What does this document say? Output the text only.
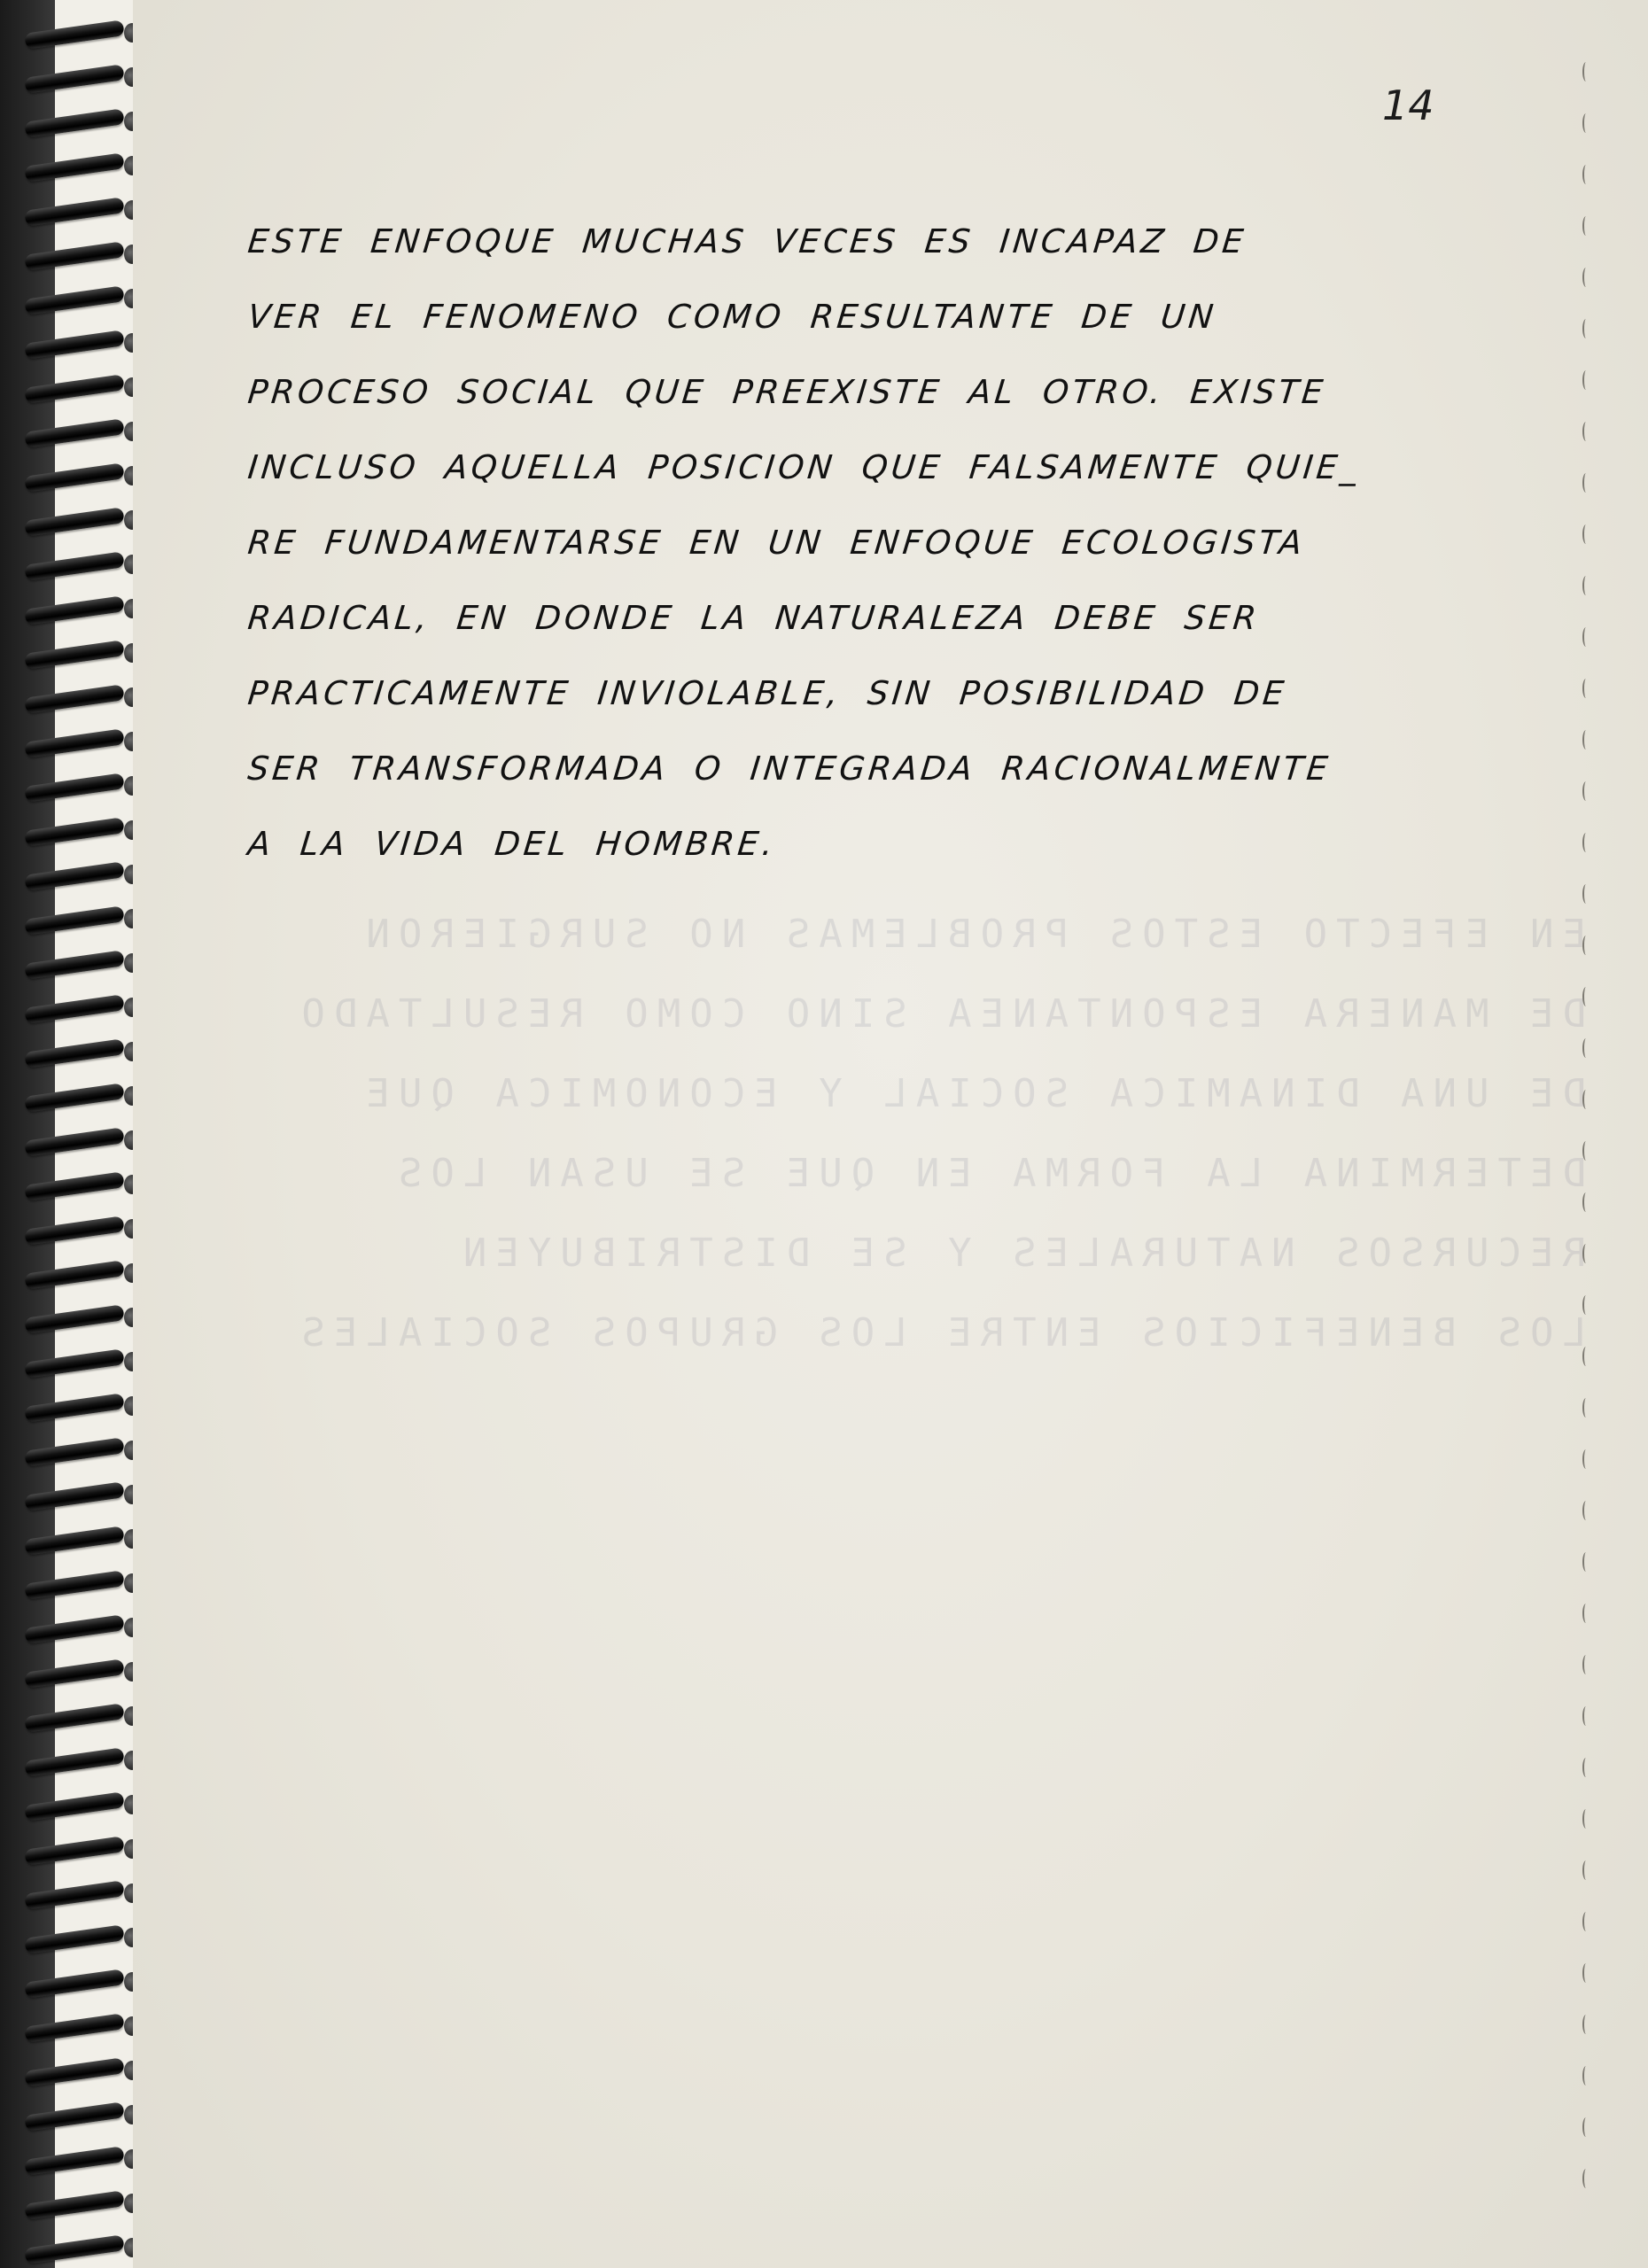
EN EFECTO ESTOS PROBLEMAS NO SURGIERON
DE MANERA ESPONTANEA SINO COMO RESULTADO
DE UNA DINAMICA SOCIAL Y ECONOMICA QUE
DETERMINA LA FORMA EN QUE SE USAN LOS
RECURSOS NATURALES Y SE DISTRIBUYEN
LOS BENEFICIOS ENTRE LOS GRUPOS SOCIALES

14
ESTE ENFOQUE MUCHAS VECES ES INCAPAZ DE
VER EL FENOMENO COMO RESULTANTE DE UN
PROCESO SOCIAL QUE PREEXISTE AL OTRO. EXISTE
INCLUSO AQUELLA POSICION QUE FALSAMENTE QUIE_
RE FUNDAMENTARSE EN UN ENFOQUE ECOLOGISTA
RADICAL, EN DONDE LA NATURALEZA DEBE SER
PRACTICAMENTE INVIOLABLE, SIN POSIBILIDAD DE
SER TRANSFORMADA O INTEGRADA RACIONALMENTE
A LA VIDA DEL HOMBRE.
